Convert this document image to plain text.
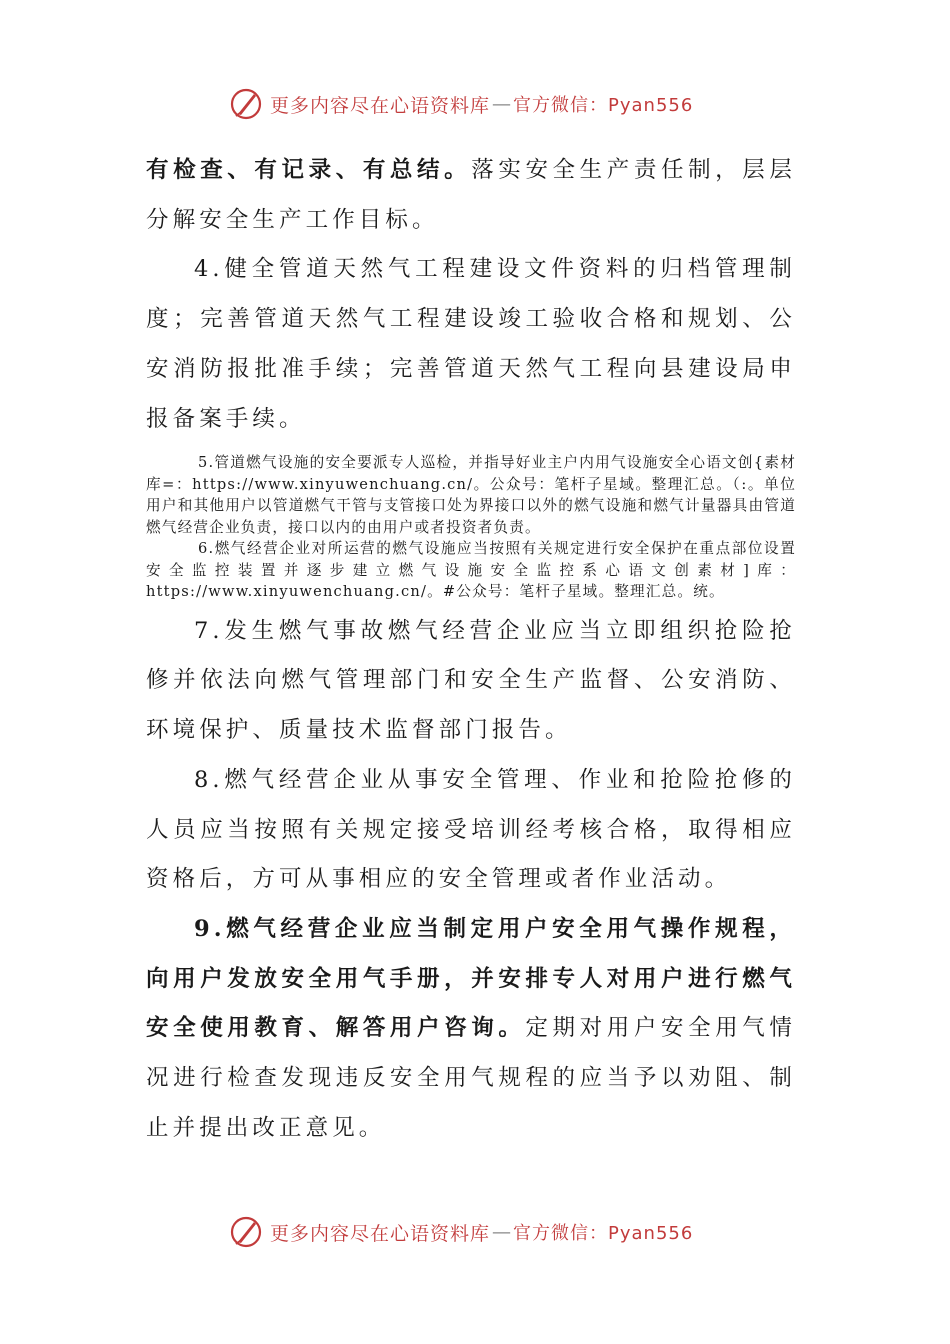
更多内容尽在心语资料库 — 官方微信：Pyan556

有检查、有记录、有总结。落实安全生产责任制，层层分解安全生产工作目标。

4.健全管道天然气工程建设文件资料的归档管理制度；完善管道天然气工程建设竣工验收合格和规划、公安消防报批准手续；完善管道天然气工程向县建设局申报备案手续。

5.管道燃气设施的安全要派专人巡检，并指导好业主户内用气设施安全心语文创{素材库=：https://www.xinyuwenchuang.cn/。公众号：笔杆子星域。整理汇总。（:。单位用户和其他用户以管道燃气干管与支管接口处为界接口以外的燃气设施和燃气计量器具由管道燃气经营企业负责，接口以内的由用户或者投资者负责。

6.燃气经营企业对所运营的燃气设施应当按照有关规定进行安全保护在重点部位设置安全监控装置并逐步建立燃气设施安全监控系心语文创素材]库：https://www.xinyuwenchuang.cn/。#公众号：笔杆子星域。整理汇总。统。

7.发生燃气事故燃气经营企业应当立即组织抢险抢修并依法向燃气管理部门和安全生产监督、公安消防、环境保护、质量技术监督部门报告。

8.燃气经营企业从事安全管理、作业和抢险抢修的人员应当按照有关规定接受培训经考核合格，取得相应资格后，方可从事相应的安全管理或者作业活动。

9.燃气经营企业应当制定用户安全用气操作规程，向用户发放安全用气手册，并安排专人对用户进行燃气安全使用教育、解答用户咨询。定期对用户安全用气情况进行检查发现违反安全用气规程的应当予以劝阻、制止并提出改正意见。

更多内容尽在心语资料库 — 官方微信：Pyan556
